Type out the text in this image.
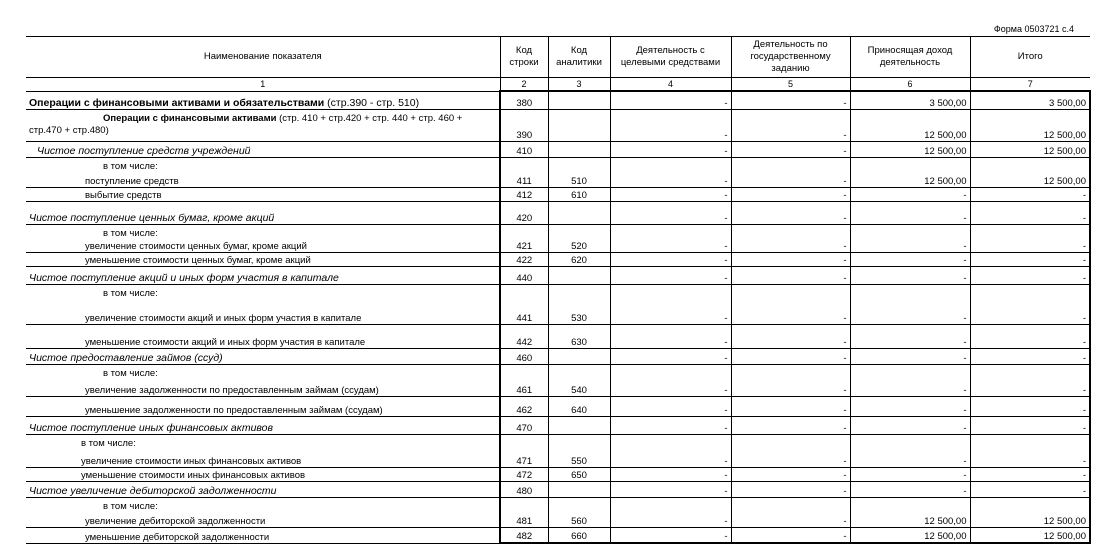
Форма 0503721 с.4
Наименование показателя	Код строки	Код аналитики	Деятельность с целевыми средствами	Деятельность по государственному заданию	Приносящая доход деятельность	Итого
1	2	3	4	5	6	7
Операции с финансовыми активами и обязательствами (стр.390 - стр. 510)	380		-	-	3 500,00	3 500,00
Операции с финансовыми активами (стр. 410 + стр.420 + стр. 440 + стр. 460 + стр.470 + стр.480)	390		-	-	12 500,00	12 500,00

Чистое поступление средств учреждений	410		-	-	12 500,00	12 500,00

в том числе:
поступление средств	411	510	-	-	12 500,00	12 500,00

выбытие средств	412	610	-	-	-	-

Чистое поступление ценных бумаг, кроме акций	420		-	-	-	-

в том числе:
увеличение стоимости ценных бумаг, кроме акций	421	520	-	-	-	-

уменьшение стоимости ценных бумаг, кроме акций	422	620	-	-	-	-

Чистое поступление акций и иных форм участия в капитале	440		-	-	-	-

в том числе:
увеличение стоимости акций и иных форм участия в капитале	441	530	-	-	-	-

уменьшение стоимости акций и иных форм участия в капитале	442	630	-	-	-	-

Чистое предоставление займов (ссуд)	460		-	-	-	-

в том числе:
увеличение задолженности по предоставленным займам (ссудам)	461	540	-	-	-	-

уменьшение задолженности по предоставленным займам (ссудам)	462	640	-	-	-	-

Чистое поступление иных финансовых активов	470		-	-	-	-

в том числе:
увеличение стоимости иных финансовых активов	471	550	-	-	-	-

уменьшение стоимости иных финансовых активов	472	650	-	-	-	-

Чистое увеличение дебиторской задолженности	480		-	-	-	-

в том числе:
увеличение дебиторской задолженности	481	560	-	-	12 500,00	12 500,00

уменьшение дебиторской задолженности	482	660	-	-	12 500,00	12 500,00
